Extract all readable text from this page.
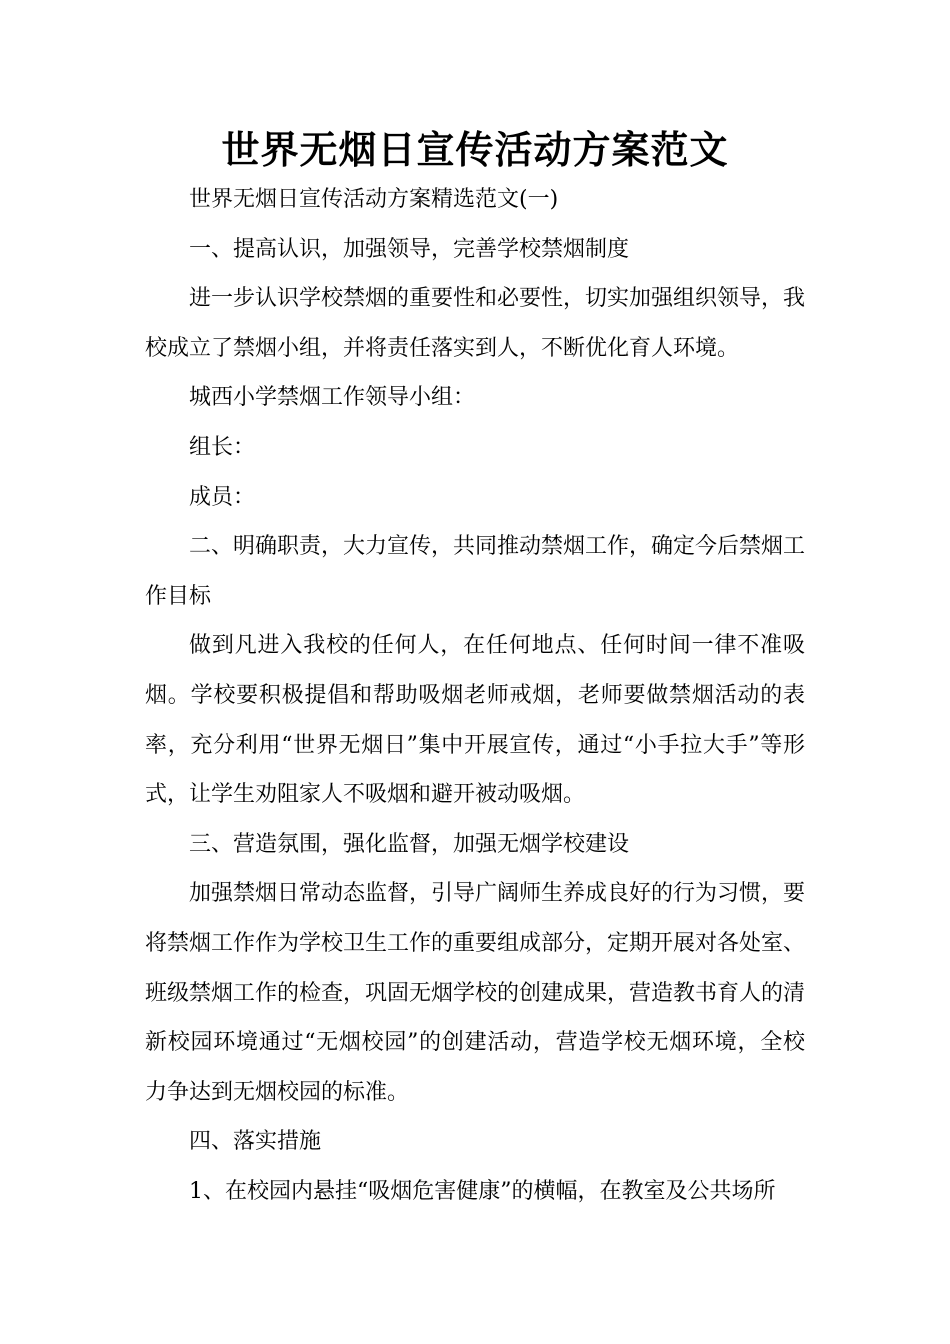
世界无烟日宣传活动方案范文

世界无烟日宣传活动方案精选范文(一)

一、提高认识，加强领导，完善学校禁烟制度

进一步认识学校禁烟的重要性和必要性，切实加强组织领导，我校成立了禁烟小组，并将责任落实到人，不断优化育人环境。

城西小学禁烟工作领导小组：

组长：

成员：

二、明确职责，大力宣传，共同推动禁烟工作，确定今后禁烟工作目标

做到凡进入我校的任何人，在任何地点、任何时间一律不准吸烟。学校要积极提倡和帮助吸烟老师戒烟，老师要做禁烟活动的表率，充分利用“世界无烟日”集中开展宣传，通过“小手拉大手”等形式，让学生劝阻家人不吸烟和避开被动吸烟。

三、营造氛围，强化监督，加强无烟学校建设

加强禁烟日常动态监督，引导广阔师生养成良好的行为习惯，要将禁烟工作作为学校卫生工作的重要组成部分，定期开展对各处室、班级禁烟工作的检查，巩固无烟学校的创建成果，营造教书育人的清新校园环境通过“无烟校园”的创建活动，营造学校无烟环境，全校力争达到无烟校园的标准。

四、落实措施

1、在校园内悬挂“吸烟危害健康”的横幅，在教室及公共场所
